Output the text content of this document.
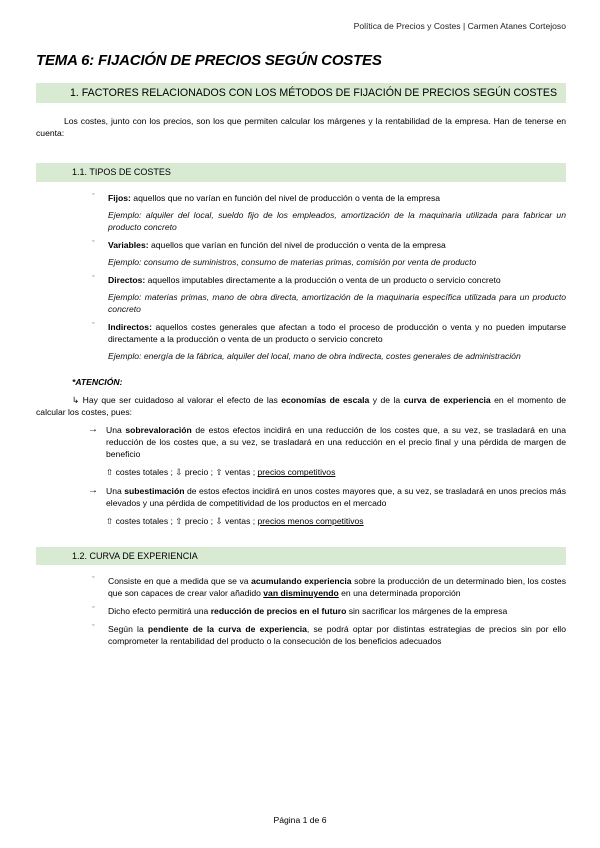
Política de Precios y Costes | Carmen Atanes Cortejoso
TEMA 6: FIJACIÓN DE PRECIOS SEGÚN COSTES
1. FACTORES RELACIONADOS CON LOS MÉTODOS DE FIJACIÓN DE PRECIOS SEGÚN COSTES

Los costes, junto con los precios, son los que permiten calcular los márgenes y la rentabilidad de la empresa. Han de tenerse en cuenta:

1.1. TIPOS DE COSTES

◦ Fijos: aquellos que no varían en función del nivel de producción o venta de la empresa

Ejemplo: alquiler del local, sueldo fijo de los empleados, amortización de la maquinaria utilizada para fabricar un producto concreto

◦ Variables: aquellos que varían en función del nivel de producción o venta de la empresa

Ejemplo: consumo de suministros, consumo de materias primas, comisión por venta de producto

◦ Directos: aquellos imputables directamente a la producción o venta de un producto o servicio concreto

Ejemplo: materias primas, mano de obra directa, amortización de la maquinaria específica utilizada para un producto concreto

◦ Indirectos: aquellos costes generales que afectan a todo el proceso de producción o venta y no pueden imputarse directamente a la producción o venta de un producto o servicio concreto

Ejemplo: energía de la fábrica, alquiler del local, mano de obra indirecta, costes generales de administración

*ATENCIÓN:

↳ Hay que ser cuidadoso al valorar el efecto de las economías de escala y de la curva de experiencia en el momento de calcular los costes, pues:

→ Una sobrevaloración de estos efectos incidirá en una reducción de los costes que, a su vez, se trasladará en una reducción de los costes que, a su vez, se trasladará en una reducción en el precio final y una pérdida de margen de beneficio

⇧ costes totales ; ⇩ precio ; ⇧ ventas ; precios competitivos

→ Una subestimación de estos efectos incidirá en unos costes mayores que, a su vez, se trasladará en unos precios más elevados y una pérdida de competitividad de los productos en el mercado

⇧ costes totales ; ⇧ precio ; ⇩ ventas ; precios menos competitivos

1.2. CURVA DE EXPERIENCIA

◦ Consiste en que a medida que se va acumulando experiencia sobre la producción de un determinado bien, los costes que son capaces de crear valor añadido van disminuyendo en una determinada proporción

◦ Dicho efecto permitirá una reducción de precios en el futuro sin sacrificar los márgenes de la empresa

◦ Según la pendiente de la curva de experiencia, se podrá optar por distintas estrategias de precios sin por ello comprometer la rentabilidad del producto o la consecución de los beneficios adecuados

Página 1 de 6
